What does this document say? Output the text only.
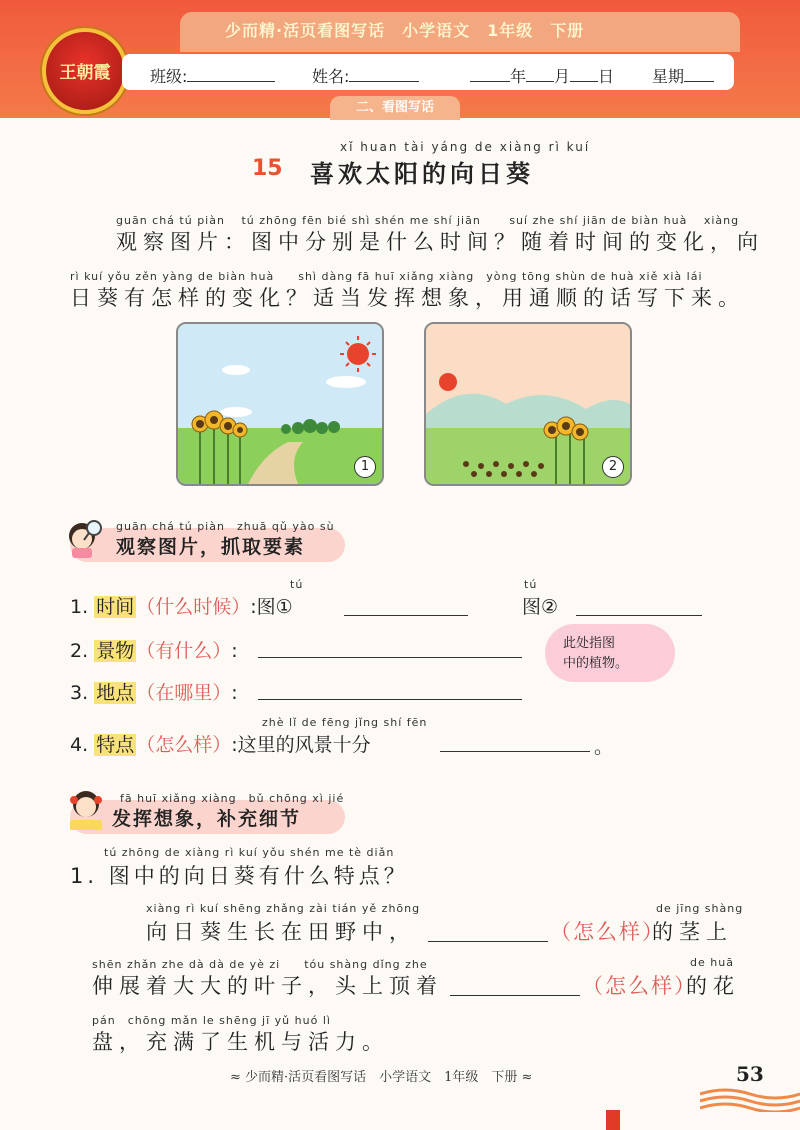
少而精·活页看图写话　小学语文　1年级　下册
王朝霞	班级:	姓名:	年 月 日 星期
二、看图写话
xǐ huan tài yáng de xiàng rì kuí
15 喜欢太阳的向日葵
guān chá tú piàn　 tú zhōng fēn bié shì shén me shí jiān　　 suí zhe shí jiān de biàn huà　 xiàng
观察图片：图中分别是什么时间？随着时间的变化，向
rì kuí yǒu zěn yàng de biàn huà　　shì dàng fā huī xiǎng xiàng　yòng tōng shùn de huà xiě xià lái
日葵有怎样的变化？适当发挥想象，用通顺的话写下来。
1	2
guān chá tú piàn　zhuā qǔ yào sù
观察图片，抓取要素
1. 时间 （什么时候）:图①
tú	tú
图②
2. 景物 （有什么）:	此处指图
中的植物。
3. 地点 （在哪里）:
zhè lǐ de fēng jǐng shí fēn
4. 特点 （怎么样）:这里的风景十分	。
fā huī xiǎng xiàng　bǔ chōng xì jié
发挥想象，补充细节
tú zhōng de xiàng rì kuí yǒu shén me tè diǎn
1. 图中的向日葵有什么特点？
xiàng rì kuí shēng zhǎng zài tián yě zhōng
向日葵生长在田野中，	（怎么样）
de jīng shàng
的茎上
shēn zhǎn zhe dà dà de yè zi　　tóu shàng dǐng zhe
伸展着大大的叶子，头上顶着	（怎么样）
de huā
的花
pán　chōng mǎn le shēng jī yǔ huó lì
盘，充满了生机与活力。
≈ 少而精·活页看图写话　小学语文　1年级　下册 ≈	53
